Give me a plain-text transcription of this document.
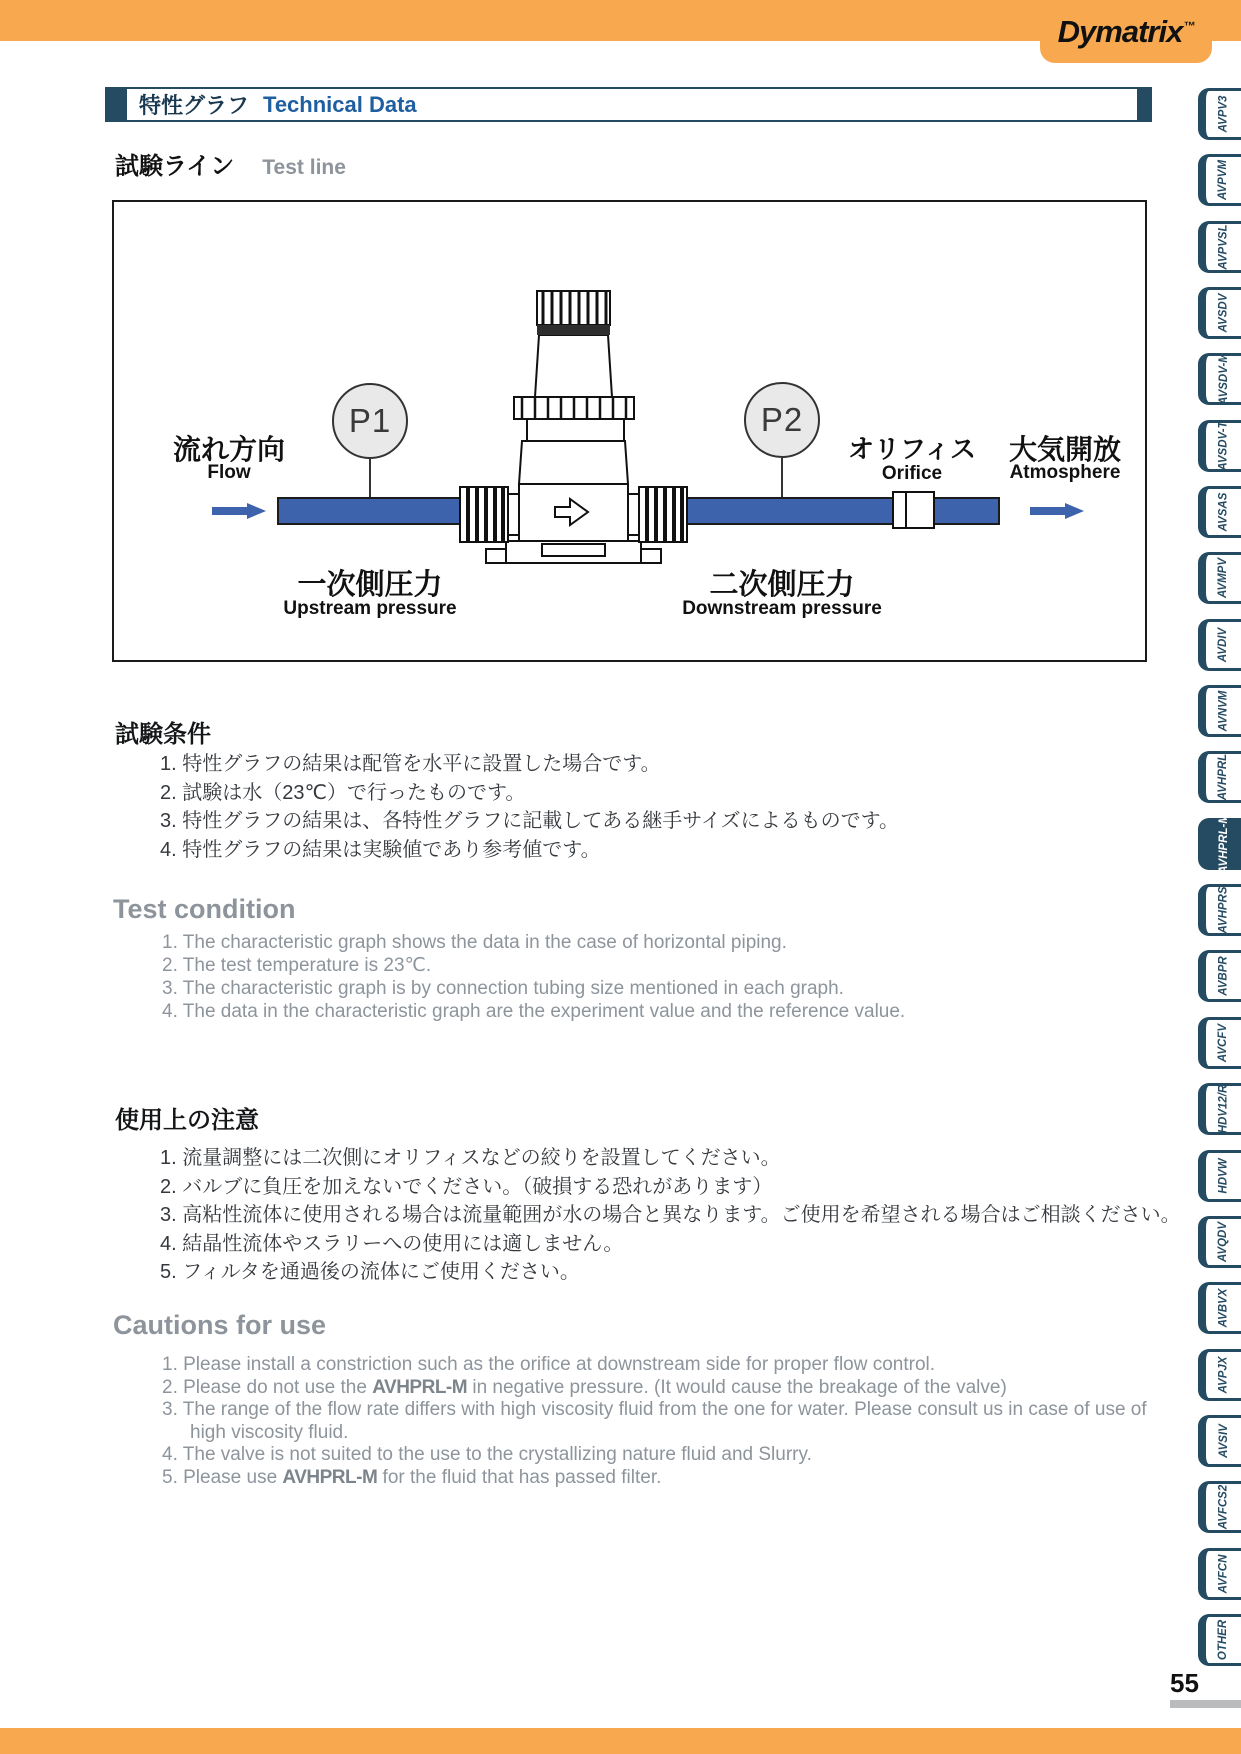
Dymatrix™
特性グラフ Technical Data
試験ライン Test line
P1	P2
流れ方向
Flow
オリフィス
Orifice
大気開放
Atmosphere
一次側圧力
Upstream pressure
二次側圧力
Downstream pressure
試験条件
1. 特性グラフの結果は配管を水平に設置した場合です。
2. 試験は水（23℃）で行ったものです。
3. 特性グラフの結果は、各特性グラフに記載してある継手サイズによるものです。
4. 特性グラフの結果は実験値であり参考値です。
Test condition
1. The characteristic graph shows the data in the case of horizontal piping.
2. The test temperature is 23℃.
3. The characteristic graph is by connection tubing size mentioned in each graph.
4. The data in the characteristic graph are the experiment value and the reference value.
使用上の注意
1. 流量調整には二次側にオリフィスなどの絞りを設置してください。
2. バルブに負圧を加えないでください。（破損する恐れがあります）
3. 高粘性流体に使用される場合は流量範囲が水の場合と異なります。ご使用を希望される場合はご相談ください。
4. 結晶性流体やスラリーへの使用には適しません。
5. フィルタを通過後の流体にご使用ください。
Cautions for use
1. Please install a constriction such as the orifice at downstream side for proper flow control.
2. Please do not use the AVHPRL-M in negative pressure. (It would cause the breakage of the valve)
3. The range of the flow rate differs with high viscosity fluid from the one for water. Please consult us in case of use of high viscosity fluid.
4. The valve is not suited to the use to the crystallizing nature fluid and Slurry.
5. Please use AVHPRL-M for the fluid that has passed filter.
AVPV3
AVPVM
AVPVSL
AVSDV
AVSDV-M
AVSDV-T
AVSAS
AVMPV
AVDIV
AVNVM
AVHPRL
AVHPRL-M
AVHPRS
AVBPR
AVCFV
HDV12/R
HDVW
AVQDV
AVBVX
AVPJX
AVSIV
AVFCS2
AVFCN
OTHER
55
